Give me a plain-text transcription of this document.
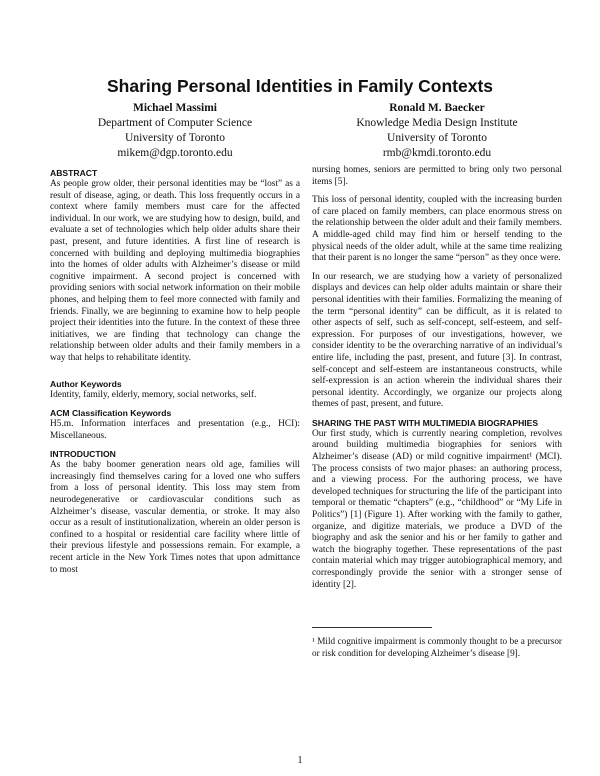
Sharing Personal Identities in Family Contexts
Michael Massimi
Department of Computer Science
University of Toronto
mikem@dgp.toronto.edu
Ronald M. Baecker
Knowledge Media Design Institute
University of Toronto
rmb@kmdi.toronto.edu
ABSTRACT

As people grow older, their personal identities may be “lost” as a result of disease, aging, or death. This loss frequently occurs in a context where family members must care for the affected individual. In our work, we are studying how to design, build, and evaluate a set of technologies which help older adults share their past, present, and future identities. A first line of research is concerned with building and deploying multimedia biographies into the homes of older adults with Alzheimer’s disease or mild cognitive impairment. A second project is concerned with providing seniors with social network information on their mobile phones, and helping them to feel more connected with family and friends. Finally, we are beginning to examine how to help people project their identities into the future. In the context of these three initiatives, we are finding that technology can change the relationship between older adults and their family members in a way that helps to rehabilitate identity.

Author Keywords

Identity, family, elderly, memory, social networks, self.

ACM Classification Keywords

H5.m. Information interfaces and presentation (e.g., HCI): Miscellaneous.

INTRODUCTION

As the baby boomer generation nears old age, families will increasingly find themselves caring for a loved one who suffers from a loss of personal identity. This loss may stem from neurodegenerative or cardiovascular conditions such as Alzheimer’s disease, vascular dementia, or stroke. It may also occur as a result of institutionalization, wherein an older person is confined to a hospital or residential care facility where little of their previous lifestyle and possessions remain. For example, a recent article in the New York Times notes that upon admittance to most

nursing homes, seniors are permitted to bring only two personal items [5].

This loss of personal identity, coupled with the increasing burden of care placed on family members, can place enormous stress on the relationship between the older adult and their family members. A middle-aged child may find him or herself tending to the physical needs of the older adult, while at the same time realizing that their parent is no longer the same “person” as they once were.

In our research, we are studying how a variety of personalized displays and devices can help older adults maintain or share their personal identities with their families. Formalizing the meaning of the term “personal identity” can be difficult, as it is related to other aspects of self, such as self-concept, self-esteem, and self-expression. For purposes of our investigations, however, we consider identity to be the overarching narrative of an individual’s entire life, including the past, present, and future [3]. In contrast, self-concept and self-esteem are instantaneous constructs, while self-expression is an action wherein the individual shares their personal identity. Accordingly, we organize our projects along themes of past, present, and future.

SHARING THE PAST WITH MULTIMEDIA BIOGRAPHIES

Our first study, which is currently nearing completion, revolves around building multimedia biographies for seniors with Alzheimer’s disease (AD) or mild cognitive impairment¹ (MCI). The process consists of two major phases: an authoring process, and a viewing process. For the authoring process, we have developed techniques for structuring the life of the participant into temporal or thematic “chapters” (e.g., “childhood” or “My Life in Politics”) [1] (Figure 1). After working with the family to gather, organize, and digitize materials, we produce a DVD of the biography and ask the senior and his or her family to gather and watch the biography together. These representations of the past contain material which may trigger autobiographical memory, and correspondingly provide the senior with a stronger sense of identity [2].

¹ Mild cognitive impairment is commonly thought to be a precursor or risk condition for developing Alzheimer’s disease [9].

1
